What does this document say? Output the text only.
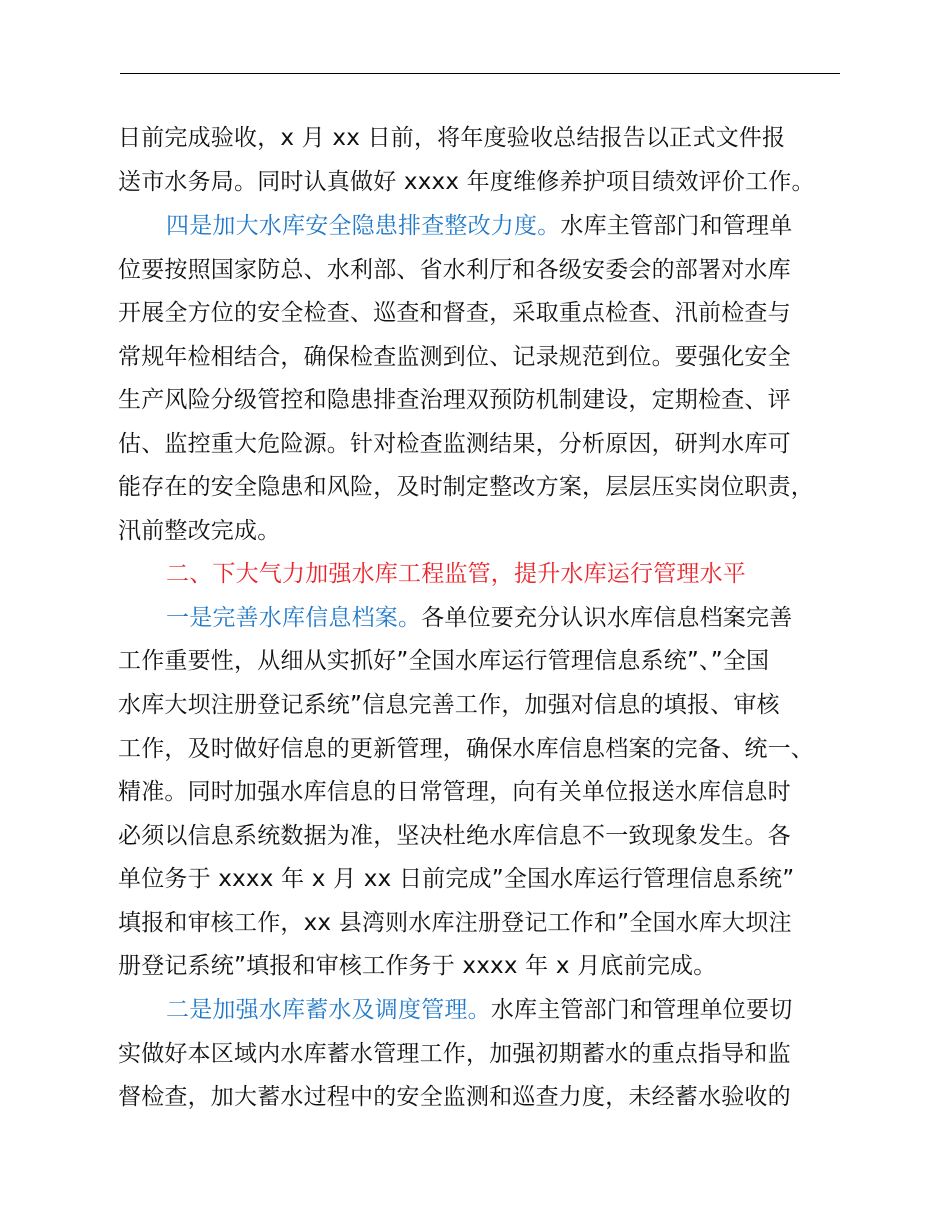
日前完成验收，x 月 xx 日前，将年度验收总结报告以正式文件报
送市水务局。同时认真做好 xxxx 年度维修养护项目绩效评价工作。
四是加大水库安全隐患排查整改力度。水库主管部门和管理单
位要按照国家防总、水利部、省水利厅和各级安委会的部署对水库
开展全方位的安全检查、巡查和督查，采取重点检查、汛前检查与
常规年检相结合，确保检查监测到位、记录规范到位。要强化安全
生产风险分级管控和隐患排查治理双预防机制建设，定期检查、评
估、监控重大危险源。针对检查监测结果，分析原因，研判水库可
能存在的安全隐患和风险，及时制定整改方案，层层压实岗位职责，
汛前整改完成。
二、下大气力加强水库工程监管，提升水库运行管理水平
一是完善水库信息档案。各单位要充分认识水库信息档案完善
工作重要性，从细从实抓好”全国水库运行管理信息系统”、”全国
水库大坝注册登记系统”信息完善工作，加强对信息的填报、审核
工作，及时做好信息的更新管理，确保水库信息档案的完备、统一、
精准。同时加强水库信息的日常管理，向有关单位报送水库信息时
必须以信息系统数据为准，坚决杜绝水库信息不一致现象发生。各
单位务于 xxxx 年 x 月 xx 日前完成”全国水库运行管理信息系统”
填报和审核工作，xx 县湾则水库注册登记工作和”全国水库大坝注
册登记系统”填报和审核工作务于 xxxx 年 x 月底前完成。
二是加强水库蓄水及调度管理。水库主管部门和管理单位要切
实做好本区域内水库蓄水管理工作，加强初期蓄水的重点指导和监
督检查，加大蓄水过程中的安全监测和巡查力度，未经蓄水验收的
